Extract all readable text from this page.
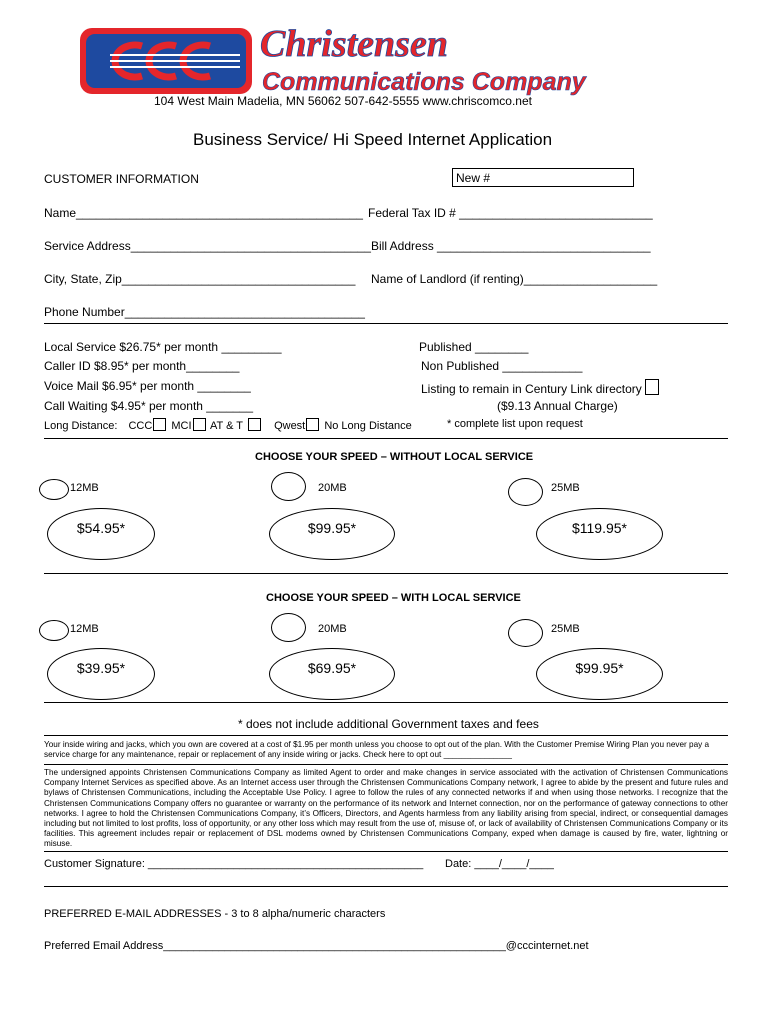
Christensen
Communications Company
104 West Main Madelia, MN 56062 507-642-5555 www.chriscomco.net
Business Service/ Hi Speed Internet Application
CUSTOMER INFORMATION	New #
Name___________________________________________ Federal Tax ID # _____________________________
Service Address____________________________________ Bill Address ________________________________
City, State, Zip___________________________________ Name of Landlord (if renting)____________________
Phone Number____________________________________
Local Service $26.75* per month _________
Caller ID $8.95* per month________
Voice Mail $6.95* per month ________
Call Waiting $4.95* per month _______
Long Distance: CCC MCI AT & T	Qwest No Long Distance
Published ________
Non Published ____________
Listing to remain in Century Link directory
($9.13 Annual Charge)
* complete list upon request
CHOOSE YOUR SPEED – WITHOUT LOCAL SERVICE
12MB	20MB	25MB
$54.95*	$99.95*	$119.95*
CHOOSE YOUR SPEED – WITH LOCAL SERVICE
12MB	20MB	25MB
$39.95*	$69.95*	$99.95*
* does not include additional Government taxes and fees
Your inside wiring and jacks, which you own are covered at a cost of $1.95 per month unless you choose to opt out of the plan. With the Customer Premise Wiring Plan you never pay a service charge for any maintenance, repair or replacement of any inside wiring or jacks. Check here to opt out _______________
The undersigned appoints Christensen Communications Company as limited Agent to order and make changes in service associated with the activation of Christensen Communications Company Internet Services as specified above. As an Internet access user through the Christensen Communications Company network, I agree to abide by the present and future rules and bylaws of Christensen Communications, including the Acceptable Use Policy. I agree to follow the rules of any connected networks if and when using those networks. I recognize that the Christensen Communications Company offers no guarantee or warranty on the performance of its network and Internet connection, nor on the performance of gateway connections to other networks. I agree to hold the Christensen Communications Company, it’s Officers, Directors, and Agents harmless from any liability arising from special, indirect, or consequential damages including but not limited to lost profits, loss of opportunity, or any other loss which may result from the use of, misuse of, or lack of availability of Christensen Communications Company or its facilities. This agreement includes repair or replacement of DSL modems owned by Christensen Communications Company, exped when damage is caused by fire, water, lightning or misuse.
Customer Signature: _____________________________________________ Date: ____/____/____
PREFERRED E-MAIL ADDRESSES - 3 to 8 alpha/numeric characters
Preferred Email Address________________________________________________________@cccinternet.net
